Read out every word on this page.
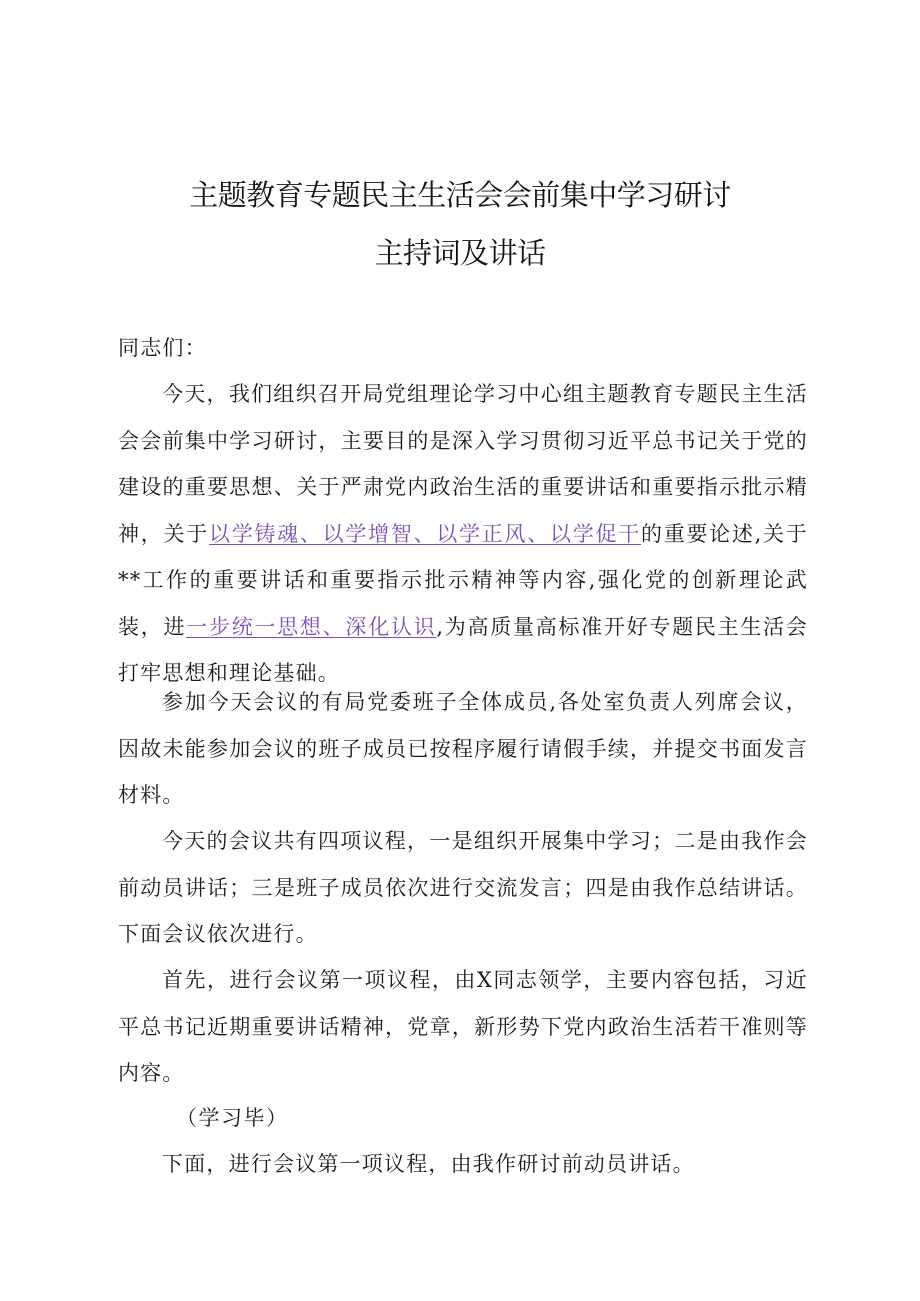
主题教育专题民主生活会会前集中学习研讨
主持词及讲话
同志们：
今天，我们组织召开局党组理论学习中心组主题教育专题民主生活会会前集中学习研讨，主要目的是深入学习贯彻习近平总书记关于党的建设的重要思想、关于严肃党内政治生活的重要讲话和重要指示批示精神，关于以学铸魂、以学增智、以学正风、以学促干的重要论述,关于**工作的重要讲话和重要指示批示精神等内容,强化党的创新理论武装，进一步统一思想、深化认识,为高质量高标准开好专题民主生活会打牢思想和理论基础。
参加今天会议的有局党委班子全体成员,各处室负责人列席会议，因故未能参加会议的班子成员已按程序履行请假手续，并提交书面发言材料。
今天的会议共有四项议程，一是组织开展集中学习；二是由我作会前动员讲话；三是班子成员依次进行交流发言；四是由我作总结讲话。下面会议依次进行。
首先，进行会议第一项议程，由X同志领学，主要内容包括，习近平总书记近期重要讲话精神，党章，新形势下党内政治生活若干准则等内容。
（学习毕）
下面，进行会议第一项议程，由我作研讨前动员讲话。
